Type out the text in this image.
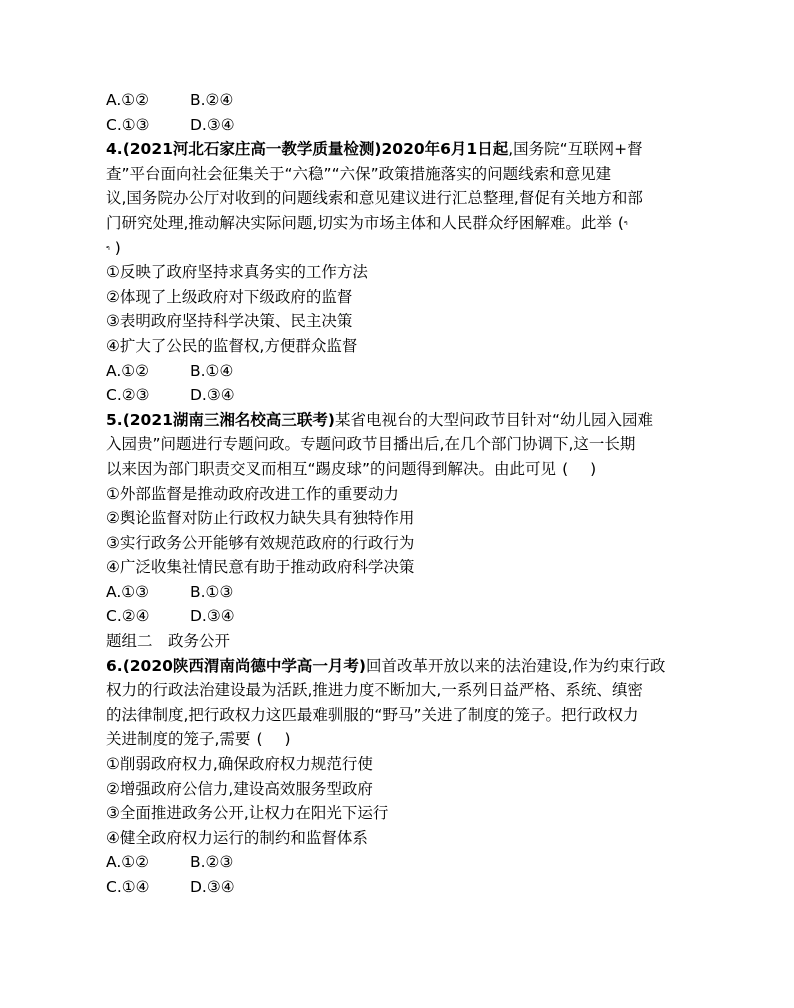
A.①②	B.②④
C.①③	D.③④
4.(2021河北石家庄高一教学质量检测)2020年6月1日起,国务院“互联网+督
查”平台面向社会征集关于“六稳”“六保”政策措施落实的问题线索和意见建
议,国务院办公厅对收到的问题线索和意见建议进行汇总整理,督促有关地方和部
门研究处理,推动解决实际问题,切实为市场主体和人民群众纾困解难。此举 (າ
ຳ )
①反映了政府坚持求真务实的工作方法
②体现了上级政府对下级政府的监督
③表明政府坚持科学决策、民主决策
④扩大了公民的监督权,方便群众监督
A.①②	B.①④
C.②③	D.③④
5.(2021湖南三湘名校高三联考)某省电视台的大型问政节目针对“幼儿园入园难
入园贵”问题进行专题问政。专题问政节目播出后,在几个部门协调下,这一长期
以来因为部门职责交叉而相互“踢皮球”的问题得到解决。由此可见 ( )
①外部监督是推动政府改进工作的重要动力
②舆论监督对防止行政权力缺失具有独特作用
③实行政务公开能够有效规范政府的行政行为
④广泛收集社情民意有助于推动政府科学决策
A.①③	B.①③
C.②④	D.③④
题组二　政务公开
6.(2020陕西渭南尚德中学高一月考)回首改革开放以来的法治建设,作为约束行政
权力的行政法治建设最为活跃,推进力度不断加大,一系列日益严格、系统、缜密
的法律制度,把行政权力这匹最难驯服的“野马”关进了制度的笼子。把行政权力
关进制度的笼子,需要 ( )
①削弱政府权力,确保政府权力规范行使
②增强政府公信力,建设高效服务型政府
③全面推进政务公开,让权力在阳光下运行
④健全政府权力运行的制约和监督体系
A.①②	B.②③
C.①④	D.③④
